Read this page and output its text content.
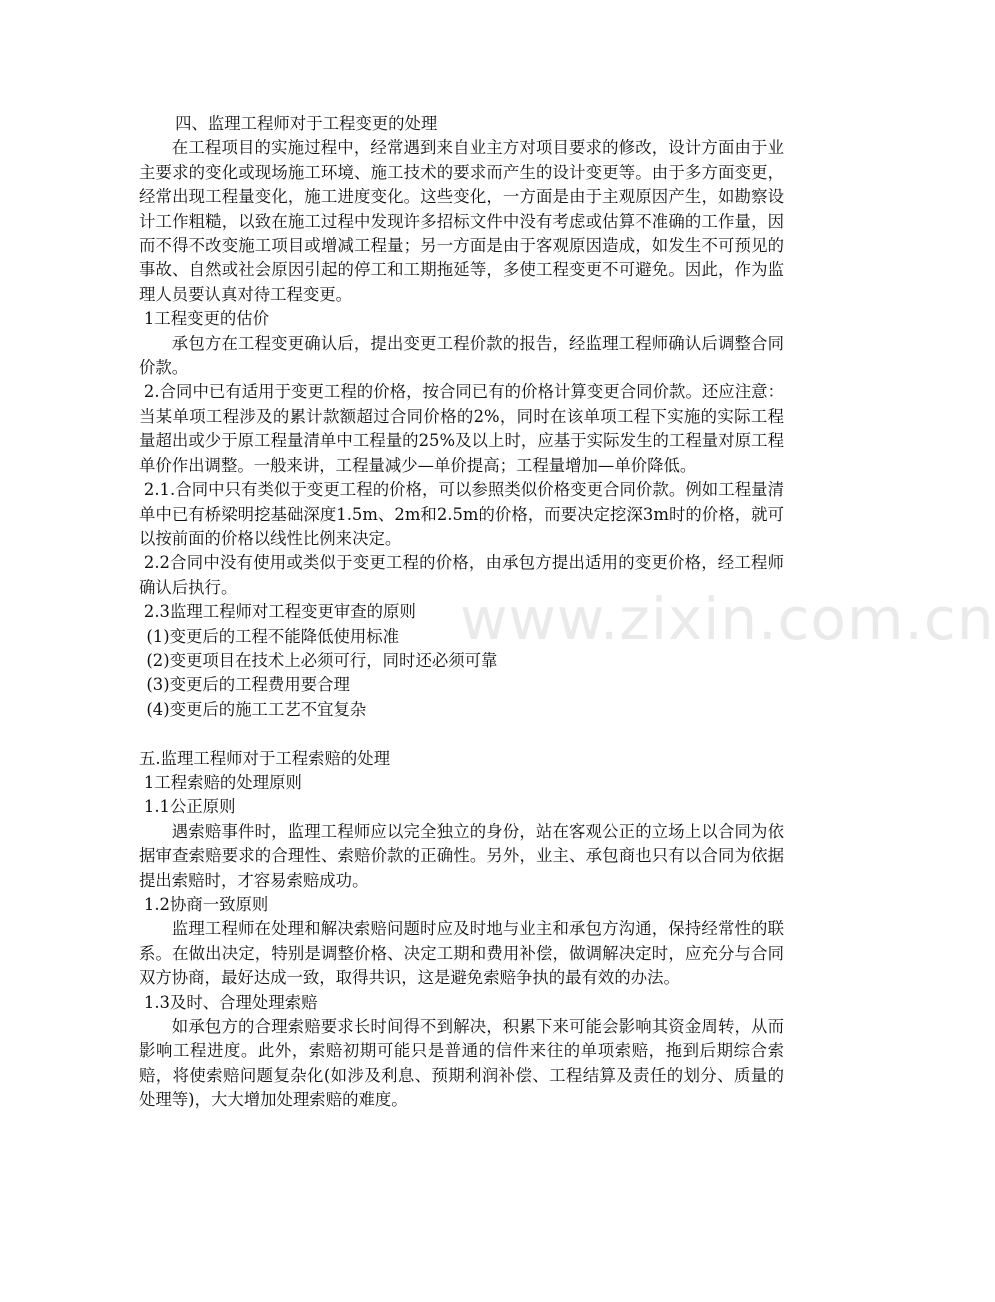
四、监理工程师对于工程变更的处理

在工程项目的实施过程中，经常遇到来自业主方对项目要求的修改，设计方面由于业主要求的变化或现场施工环境、施工技术的要求而产生的设计变更等。由于多方面变更，经常出现工程量变化，施工进度变化。这些变化，一方面是由于主观原因产生，如勘察设计工作粗糙，以致在施工过程中发现许多招标文件中没有考虑或估算不准确的工作量，因而不得不改变施工项目或增减工程量；另一方面是由于客观原因造成，如发生不可预见的事故、自然或社会原因引起的停工和工期拖延等，多使工程变更不可避免。因此，作为监理人员要认真对待工程变更。

1工程变更的估价

承包方在工程变更确认后，提出变更工程价款的报告，经监理工程师确认后调整合同价款。

2.合同中已有适用于变更工程的价格，按合同已有的价格计算变更合同价款。还应注意：当某单项工程涉及的累计款额超过合同价格的2%，同时在该单项工程下实施的实际工程量超出或少于原工程量清单中工程量的25%及以上时，应基于实际发生的工程量对原工程单价作出调整。一般来讲，工程量减少—单价提高；工程量增加—单价降低。

2.1.合同中只有类似于变更工程的价格，可以参照类似价格变更合同价款。例如工程量清单中已有桥梁明挖基础深度1.5m、2m和2.5m的价格，而要决定挖深3m时的价格，就可以按前面的价格以线性比例来决定。

2.2合同中没有使用或类似于变更工程的价格，由承包方提出适用的变更价格，经工程师确认后执行。

2.3监理工程师对工程变更审查的原则

(1)变更后的工程不能降低使用标准

(2)变更项目在技术上必须可行，同时还必须可靠

(3)变更后的工程费用要合理

(4)变更后的施工工艺不宜复杂

五.监理工程师对于工程索赔的处理

1工程索赔的处理原则

1.1公正原则

遇索赔事件时，监理工程师应以完全独立的身份，站在客观公正的立场上以合同为依据审查索赔要求的合理性、索赔价款的正确性。另外，业主、承包商也只有以合同为依据提出索赔时，才容易索赔成功。

1.2协商一致原则

监理工程师在处理和解决索赔问题时应及时地与业主和承包方沟通，保持经常性的联系。在做出决定，特别是调整价格、决定工期和费用补偿，做调解决定时，应充分与合同双方协商，最好达成一致，取得共识，这是避免索赔争执的最有效的办法。

1.3及时、合理处理索赔

如承包方的合理索赔要求长时间得不到解决，积累下来可能会影响其资金周转，从而影响工程进度。此外，索赔初期可能只是普通的信件来往的单项索赔，拖到后期综合索赔，将使索赔问题复杂化(如涉及利息、预期利润补偿、工程结算及责任的划分、质量的处理等)，大大增加处理索赔的难度。

www.zixin.com.cn
